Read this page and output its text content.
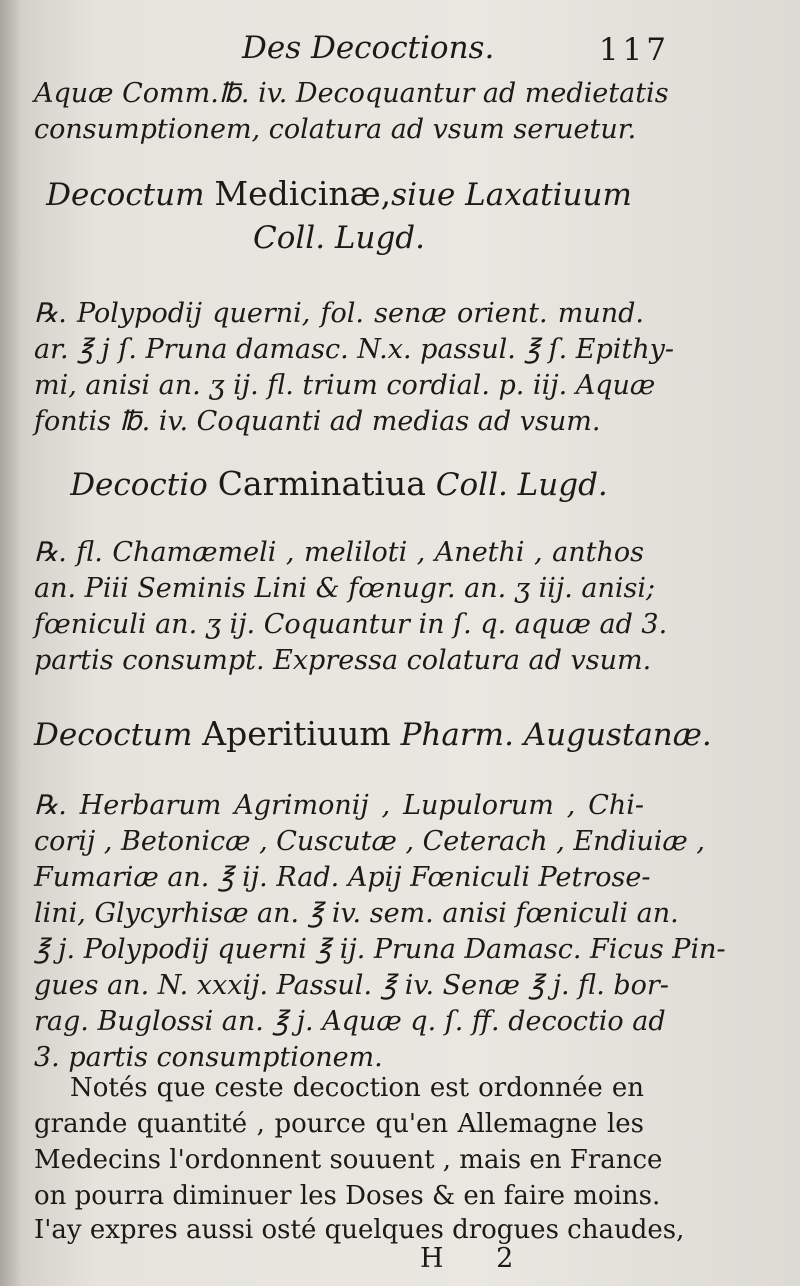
Des Decoctions.	117
Aquæ Comm.℔. iv. Decoquantur ad medietatis
consumptionem, colatura ad vsum seruetur.
Decoctum Medicinæ,siue Laxatiuum
Coll. Lugd.
℞. Polypodij querni, fol. senæ orient. mund.
ar. ℥ j ſ. Pruna damasc. N.x. passul. ℥ ſ. Epithy-
mi, anisi an. ʒ ij. fl. trium cordial. p. iij. Aquæ
fontis ℔. iv. Coquanti ad medias ad vsum.
Decoctio Carminatiua Coll. Lugd.
℞. fl. Chamæmeli , meliloti , Anethi , anthos
an. Piii Seminis Lini & fœnugr. an. ʒ iij. anisi;
fœniculi an. ʒ ij. Coquantur in ſ. q. aquæ ad 3.
partis consumpt. Expressa colatura ad vsum.
Decoctum Aperitiuum Pharm. Augustanæ.
℞. Herbarum Agrimonij , Lupulorum , Chi-
corij , Betonicæ , Cuscutæ , Ceterach , Endiuiæ ,
Fumariæ an. ℥ ij. Rad. Apij Fœniculi Petrose-
lini, Glycyrhisæ an. ℥ iv. sem. anisi fœniculi an.
℥ j. Polypodij querni ℥ ij. Pruna Damasc. Ficus Pin-
gues an. N. xxxij. Passul. ℥ iv. Senæ ℥ j. fl. bor-
rag. Buglossi an. ℥ j. Aquæ q. ſ. ff. decoctio ad
3. partis consumptionem.
Notés que ceste decoction est ordonnée en
grande quantité , pource qu'en Allemagne les
Medecins l'ordonnent souuent , mais en France
on pourra diminuer les Doses & en faire moins.
I'ay expres aussi osté quelques drogues chaudes,
H 2
